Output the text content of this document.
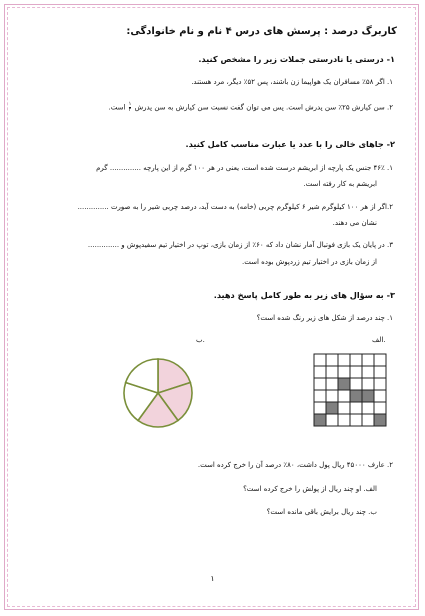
کاربرگ درصد : پرسش های درس ۴ نام و نام خانوادگی:
۱- درستی یا نادرستی جملات زیر را مشخص کنید.
۱. اگر ۵۸٪ مسافران یک هواپیما زن باشند، پس ۵۲٪ دیگر، مرد هستند.
۲. سن کیارش ۲۵٪ سن پدرش است. پس می توان گفت نسبت سن کیارش به سن پدرش
$\frac{۱}{۴}$
است.
۲- جاهای خالی را با عدد یا عبارت مناسب کامل کنید.
۱. ۴۶٪ جنس یک پارچه از ابریشم درست شده است، یعنی در هر ۱۰۰ گرم از این پارچه .............. گرم
ابریشم به کار رفته است.
۲.اگر از هر ۱۰۰ کیلوگرم شیر ۶ کیلوگرم چربی (خامه) به دست آید، درصد چربی شیر را به صورت ..............
نشان می دهند.
۳. در پایان یک بازی فوتبال آمار نشان داد که ۶۰٪ از زمان بازی، توپ در اختیار تیم سفیدپوش و ..............
از زمان بازی در اختیار تیم زردپوش بوده است.
۳- به سؤال های زیر به طور کامل پاسخ دهید.
۱. چند درصد از شکل های زیر رنگ شده است؟
الف.
ب.
۲. عارف ۴۵۰۰۰ ریال پول داشت، ۸۰٪ درصد آن را خرج کرده است.
الف. او چند ریال از پولش را خرج کرده است؟
ب. چند ریال برایش باقی مانده است؟
۱
